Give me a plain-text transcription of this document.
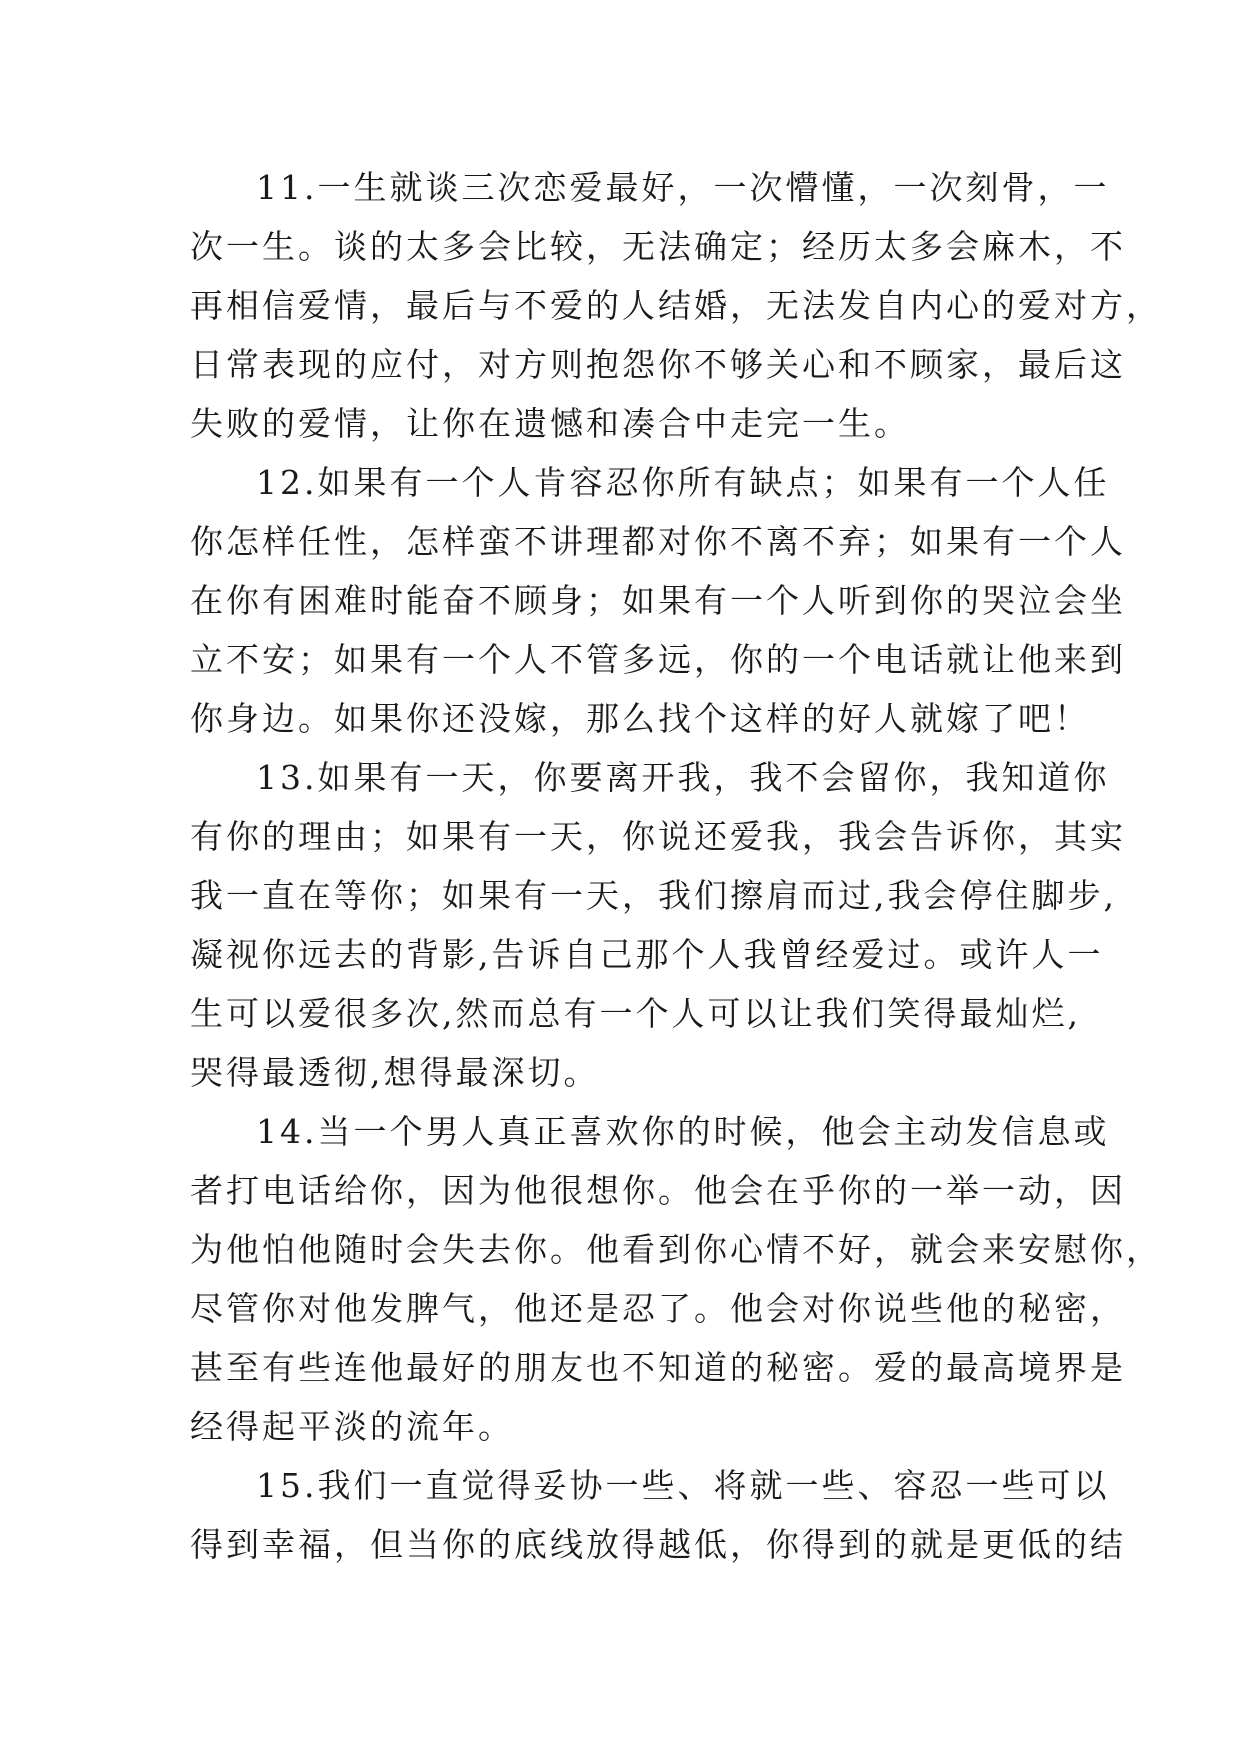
11.一生就谈三次恋爱最好，一次懵懂，一次刻骨，一
次一生。谈的太多会比较，无法确定；经历太多会麻木，不
再相信爱情，最后与不爱的人结婚，无法发自内心的爱对方，
日常表现的应付，对方则抱怨你不够关心和不顾家，最后这
失败的爱情，让你在遗憾和凑合中走完一生。
12.如果有一个人肯容忍你所有缺点；如果有一个人任
你怎样任性，怎样蛮不讲理都对你不离不弃；如果有一个人
在你有困难时能奋不顾身；如果有一个人听到你的哭泣会坐
立不安；如果有一个人不管多远，你的一个电话就让他来到
你身边。如果你还没嫁，那么找个这样的好人就嫁了吧！
13.如果有一天，你要离开我，我不会留你，我知道你
有你的理由；如果有一天，你说还爱我，我会告诉你，其实
我一直在等你；如果有一天，我们擦肩而过,我会停住脚步,
凝视你远去的背影,告诉自己那个人我曾经爱过。或许人一
生可以爱很多次,然而总有一个人可以让我们笑得最灿烂,
哭得最透彻,想得最深切。
14.当一个男人真正喜欢你的时候，他会主动发信息或
者打电话给你，因为他很想你。他会在乎你的一举一动，因
为他怕他随时会失去你。他看到你心情不好，就会来安慰你，
尽管你对他发脾气，他还是忍了。他会对你说些他的秘密，
甚至有些连他最好的朋友也不知道的秘密。爱的最高境界是
经得起平淡的流年。
15.我们一直觉得妥协一些、将就一些、容忍一些可以
得到幸福，但当你的底线放得越低，你得到的就是更低的结
